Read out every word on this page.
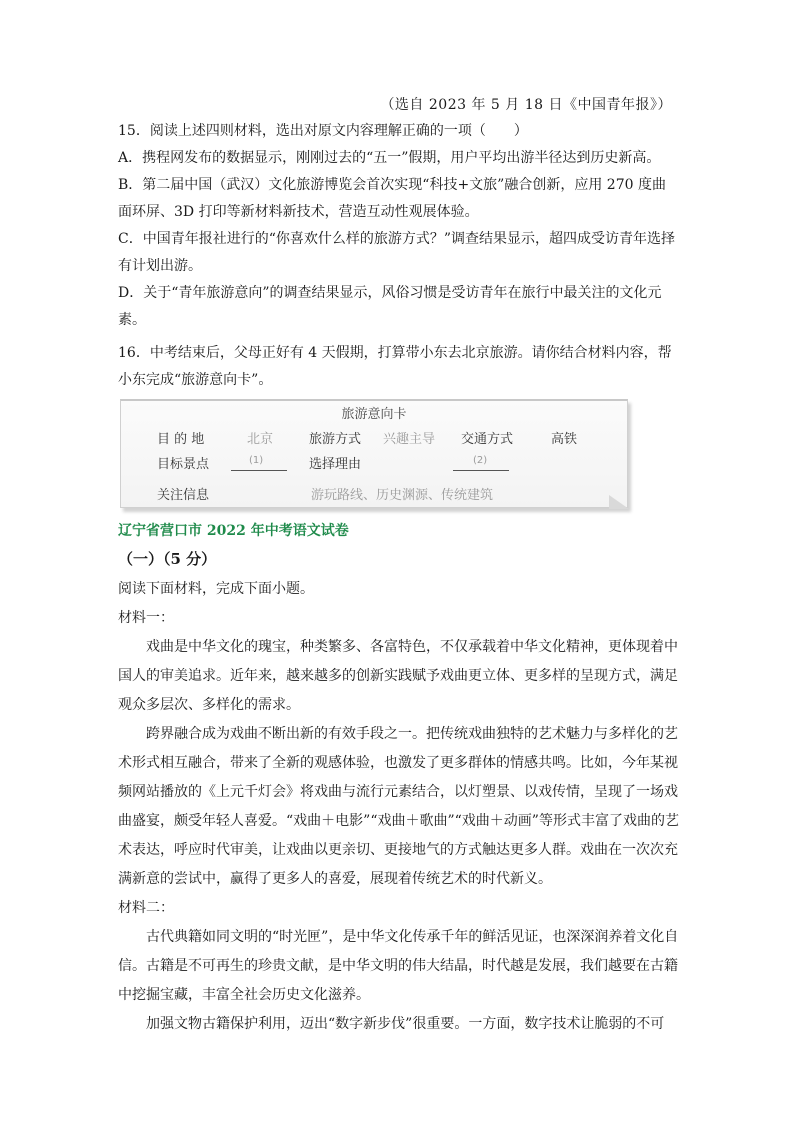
（选自 2023 年 5 月 18 日《中国青年报》）

15．阅读上述四则材料，选出对原文内容理解正确的一项（　　）

A．携程网发布的数据显示，刚刚过去的“五一”假期，用户平均出游半径达到历史新高。

B．第二届中国（武汉）文化旅游博览会首次实现“科技+文旅”融合创新，应用 270 度曲面环屏、3D 打印等新材料新技术，营造互动性观展体验。

C．中国青年报社进行的“你喜欢什么样的旅游方式？”调查结果显示，超四成受访青年选择有计划出游。

D．关于“青年旅游意向”的调查结果显示，风俗习惯是受访青年在旅行中最关注的文化元素。

16．中考结束后，父母正好有 4 天假期，打算带小东去北京旅游。请你结合材料内容，帮小东完成“旅游意向卡”。

旅游意向卡
目 的 地	北京	旅游方式 兴趣主导 交通方式	高铁
目标景点	(1)	选择理由	(2)
关注信息	游玩路线、历史渊源、传统建筑
辽宁省营口市 2022 年中考语文试卷
（一）（5 分）

阅读下面材料，完成下面小题。

材料一：

戏曲是中华文化的瑰宝，种类繁多、各富特色，不仅承载着中华文化精神，更体现着中国人的审美追求。近年来，越来越多的创新实践赋予戏曲更立体、更多样的呈现方式，满足观众多层次、多样化的需求。

跨界融合成为戏曲不断出新的有效手段之一。把传统戏曲独特的艺术魅力与多样化的艺术形式相互融合，带来了全新的观感体验，也激发了更多群体的情感共鸣。比如，今年某视频网站播放的《上元千灯会》将戏曲与流行元素结合，以灯塑景、以戏传情，呈现了一场戏曲盛宴，颇受年轻人喜爱。“戏曲＋电影”“戏曲＋歌曲”“戏曲＋动画”等形式丰富了戏曲的艺术表达，呼应时代审美，让戏曲以更亲切、更接地气的方式触达更多人群。戏曲在一次次充满新意的尝试中，赢得了更多人的喜爱，展现着传统艺术的时代新义。

材料二：

古代典籍如同文明的“时光匣”，是中华文化传承千年的鲜活见证，也深深润养着文化自信。古籍是不可再生的珍贵文献，是中华文明的伟大结晶，时代越是发展，我们越要在古籍中挖掘宝藏，丰富全社会历史文化滋养。

加强文物古籍保护利用，迈出“数字新步伐”很重要。一方面，数字技术让脆弱的不可
